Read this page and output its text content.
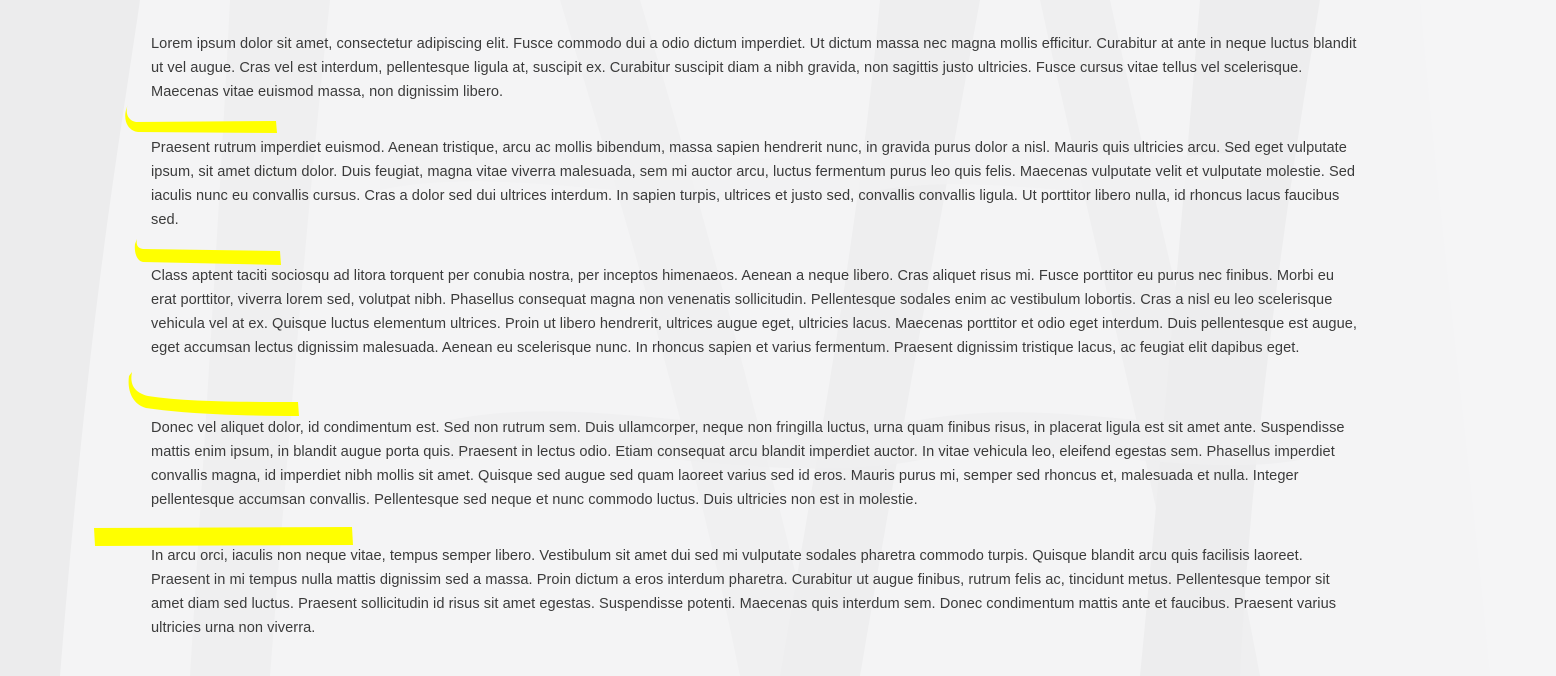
Lorem ipsum dolor sit amet, consectetur adipiscing elit. Fusce commodo dui a odio dictum imperdiet. Ut dictum massa nec magna mollis efficitur. Curabitur at ante in neque luctus blandit ut vel augue. Cras vel est interdum, pellentesque ligula at, suscipit ex. Curabitur suscipit diam a nibh gravida, non sagittis justo ultricies. Fusce cursus vitae tellus vel scelerisque. Maecenas vitae euismod massa, non dignissim libero.

Praesent rutrum imperdiet euismod. Aenean tristique, arcu ac mollis bibendum, massa sapien hendrerit nunc, in gravida purus dolor a nisl. Mauris quis ultricies arcu. Sed eget vulputate ipsum, sit amet dictum dolor. Duis feugiat, magna vitae viverra malesuada, sem mi auctor arcu, luctus fermentum purus leo quis felis. Maecenas vulputate velit et vulputate molestie. Sed iaculis nunc eu convallis cursus. Cras a dolor sed dui ultrices interdum. In sapien turpis, ultrices et justo sed, convallis convallis ligula. Ut porttitor libero nulla, id rhoncus lacus faucibus sed.

Class aptent taciti sociosqu ad litora torquent per conubia nostra, per inceptos himenaeos. Aenean a neque libero. Cras aliquet risus mi. Fusce porttitor eu purus nec finibus. Morbi eu erat porttitor, viverra lorem sed, volutpat nibh. Phasellus consequat magna non venenatis sollicitudin. Pellentesque sodales enim ac vestibulum lobortis. Cras a nisl eu leo scelerisque vehicula vel at ex. Quisque luctus elementum ultrices. Proin ut libero hendrerit, ultrices augue eget, ultricies lacus. Maecenas porttitor et odio eget interdum. Duis pellentesque est augue, eget accumsan lectus dignissim malesuada. Aenean eu scelerisque nunc. In rhoncus sapien et varius fermentum. Praesent dignissim tristique lacus, ac feugiat elit dapibus eget.

Donec vel aliquet dolor, id condimentum est. Sed non rutrum sem. Duis ullamcorper, neque non fringilla luctus, urna quam finibus risus, in placerat ligula est sit amet ante. Suspendisse mattis enim ipsum, in blandit augue porta quis. Praesent in lectus odio. Etiam consequat arcu blandit imperdiet auctor. In vitae vehicula leo, eleifend egestas sem. Phasellus imperdiet convallis magna, id imperdiet nibh mollis sit amet. Quisque sed augue sed quam laoreet varius sed id eros. Mauris purus mi, semper sed rhoncus et, malesuada et nulla. Integer pellentesque accumsan convallis. Pellentesque sed neque et nunc commodo luctus. Duis ultricies non est in molestie.

In arcu orci, iaculis non neque vitae, tempus semper libero. Vestibulum sit amet dui sed mi vulputate sodales pharetra commodo turpis. Quisque blandit arcu quis facilisis laoreet. Praesent in mi tempus nulla mattis dignissim sed a massa. Proin dictum a eros interdum pharetra. Curabitur ut augue finibus, rutrum felis ac, tincidunt metus. Pellentesque tempor sit amet diam sed luctus. Praesent sollicitudin id risus sit amet egestas. Suspendisse potenti. Maecenas quis interdum sem. Donec condimentum mattis ante et faucibus. Praesent varius ultricies urna non viverra.
